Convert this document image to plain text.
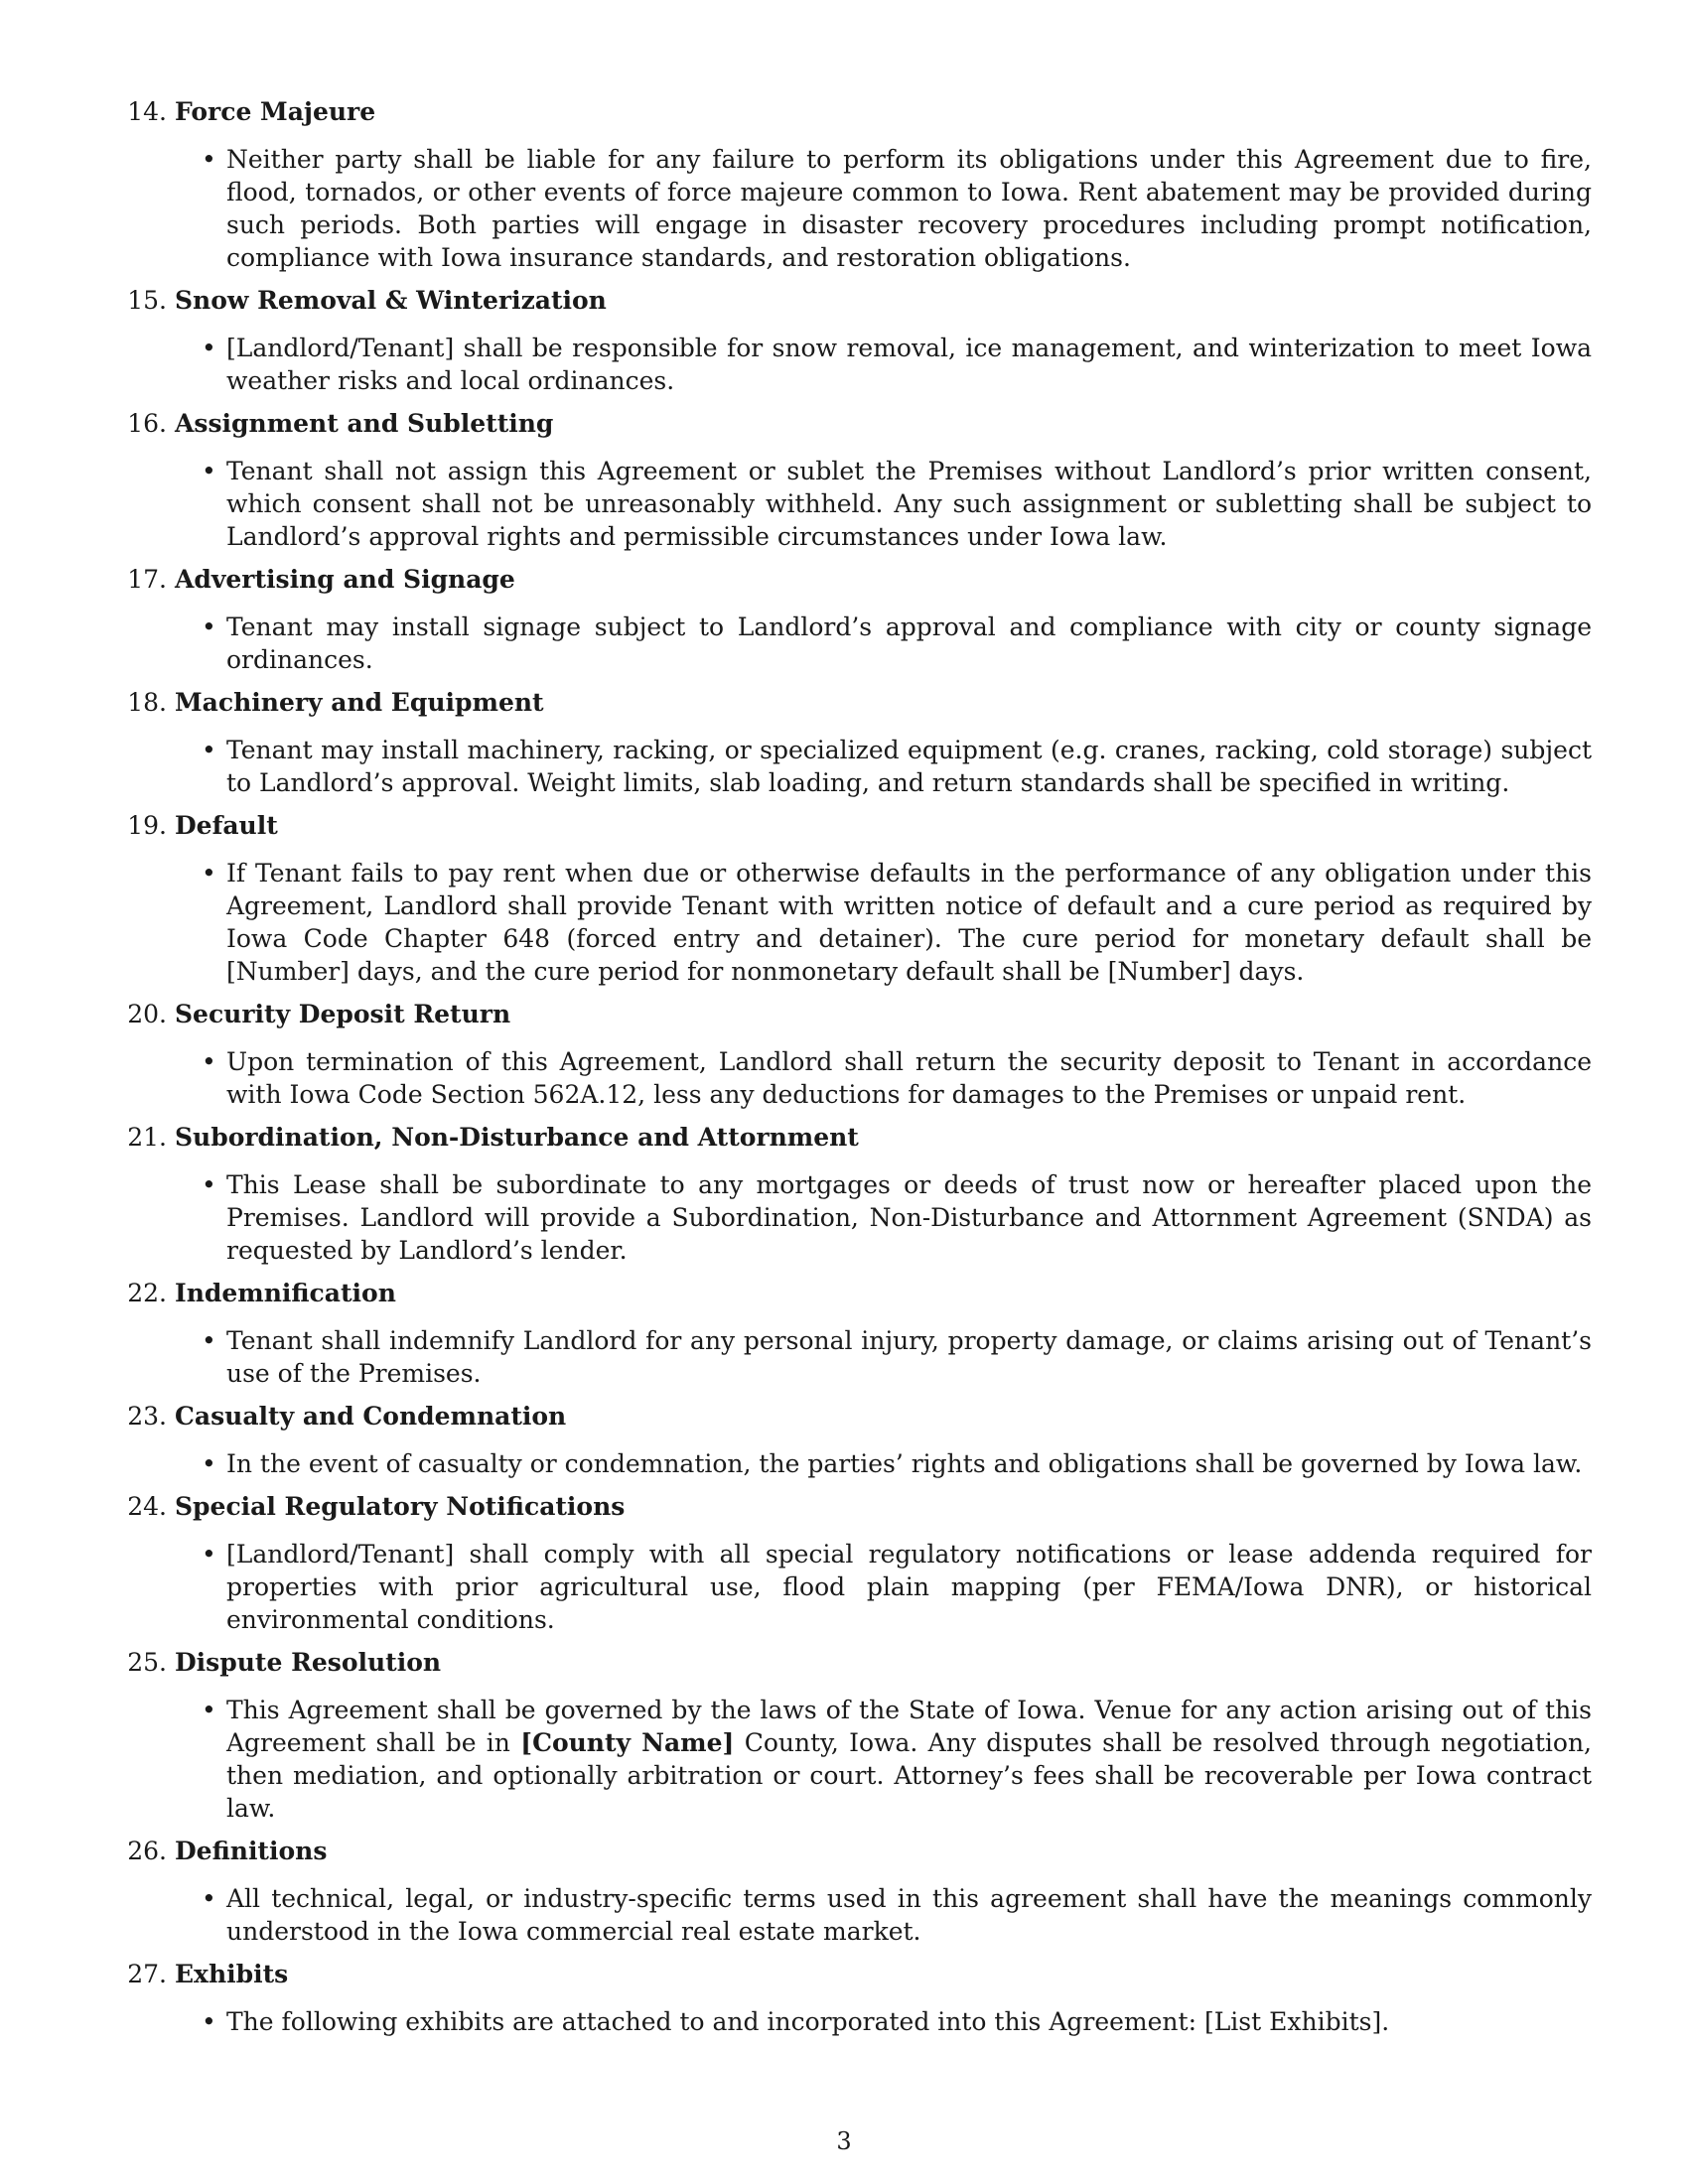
14. Force Majeure
• Neither party shall be liable for any failure to perform its obligations under this Agreement due to fire, flood, tornados, or other events of force majeure common to Iowa. Rent abatement may be provided during such periods. Both parties will engage in disaster recovery procedures including prompt notification, compliance with Iowa insurance standards, and restoration obligations.
15. Snow Removal & Winterization
• [Landlord/Tenant] shall be responsible for snow removal, ice management, and winterization to meet Iowa weather risks and local ordinances.
16. Assignment and Subletting
• Tenant shall not assign this Agreement or sublet the Premises without Landlord’s prior written consent, which consent shall not be unreasonably withheld. Any such assignment or subletting shall be subject to Landlord’s approval rights and permissible circumstances under Iowa law.
17. Advertising and Signage
• Tenant may install signage subject to Landlord’s approval and compliance with city or county signage ordinances.
18. Machinery and Equipment
• Tenant may install machinery, racking, or specialized equipment (e.g. cranes, racking, cold storage) subject to Landlord’s approval. Weight limits, slab loading, and return standards shall be specified in writing.
19. Default
• If Tenant fails to pay rent when due or otherwise defaults in the performance of any obligation under this Agreement, Landlord shall provide Tenant with written notice of default and a cure period as required by Iowa Code Chapter 648 (forced entry and detainer). The cure period for monetary default shall be [Number] days, and the cure period for nonmonetary default shall be [Number] days.
20. Security Deposit Return
• Upon termination of this Agreement, Landlord shall return the security deposit to Tenant in accordance with Iowa Code Section 562A.12, less any deductions for damages to the Premises or unpaid rent.
21. Subordination, Non-Disturbance and Attornment
• This Lease shall be subordinate to any mortgages or deeds of trust now or hereafter placed upon the Premises. Landlord will provide a Subordination, Non-Disturbance and Attornment Agreement (SNDA) as requested by Landlord’s lender.
22. Indemnification
• Tenant shall indemnify Landlord for any personal injury, property damage, or claims arising out of Tenant’s use of the Premises.
23. Casualty and Condemnation
• In the event of casualty or condemnation, the parties’ rights and obligations shall be governed by Iowa law.
24. Special Regulatory Notifications
• [Landlord/Tenant] shall comply with all special regulatory notifications or lease addenda required for properties with prior agricultural use, flood plain mapping (per FEMA/Iowa DNR), or historical environmental conditions.
25. Dispute Resolution
• This Agreement shall be governed by the laws of the State of Iowa. Venue for any action arising out of this Agreement shall be in [County Name] County, Iowa. Any disputes shall be resolved through negotiation, then mediation, and optionally arbitration or court. Attorney’s fees shall be recoverable per Iowa contract law.
26. Definitions
• All technical, legal, or industry-specific terms used in this agreement shall have the meanings commonly understood in the Iowa commercial real estate market.
27. Exhibits
• The following exhibits are attached to and incorporated into this Agreement: [List Exhibits].
3
